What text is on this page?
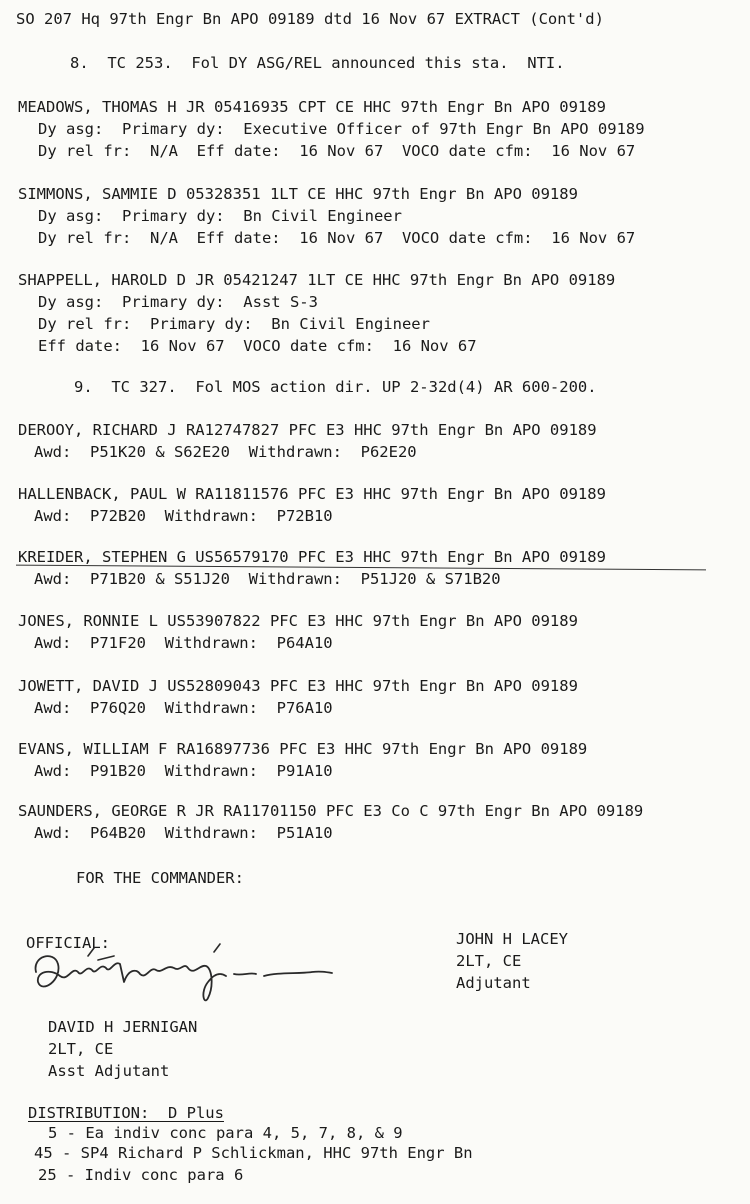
SO 207 Hq 97th Engr Bn APO 09189 dtd 16 Nov 67 EXTRACT (Cont'd)
8.  TC 253.  Fol DY ASG/REL announced this sta.  NTI.
MEADOWS, THOMAS H JR 05416935 CPT CE HHC 97th Engr Bn APO 09189
Dy asg:  Primary dy:  Executive Officer of 97th Engr Bn APO 09189
Dy rel fr:  N/A  Eff date:  16 Nov 67  VOCO date cfm:  16 Nov 67
SIMMONS, SAMMIE D 05328351 1LT CE HHC 97th Engr Bn APO 09189
Dy asg:  Primary dy:  Bn Civil Engineer
Dy rel fr:  N/A  Eff date:  16 Nov 67  VOCO date cfm:  16 Nov 67
SHAPPELL, HAROLD D JR 05421247 1LT CE HHC 97th Engr Bn APO 09189
Dy asg:  Primary dy:  Asst S-3
Dy rel fr:  Primary dy:  Bn Civil Engineer
Eff date:  16 Nov 67  VOCO date cfm:  16 Nov 67
9.  TC 327.  Fol MOS action dir. UP 2-32d(4) AR 600-200.
DEROOY, RICHARD J RA12747827 PFC E3 HHC 97th Engr Bn APO 09189
Awd:  P51K20 & S62E20  Withdrawn:  P62E20
HALLENBACK, PAUL W RA11811576 PFC E3 HHC 97th Engr Bn APO 09189
Awd:  P72B20  Withdrawn:  P72B10
KREIDER, STEPHEN G US56579170 PFC E3 HHC 97th Engr Bn APO 09189
Awd:  P71B20 & S51J20  Withdrawn:  P51J20 & S71B20
JONES, RONNIE L US53907822 PFC E3 HHC 97th Engr Bn APO 09189
Awd:  P71F20  Withdrawn:  P64A10
JOWETT, DAVID J US52809043 PFC E3 HHC 97th Engr Bn APO 09189
Awd:  P76Q20  Withdrawn:  P76A10
EVANS, WILLIAM F RA16897736 PFC E3 HHC 97th Engr Bn APO 09189
Awd:  P91B20  Withdrawn:  P91A10
SAUNDERS, GEORGE R JR RA11701150 PFC E3 Co C 97th Engr Bn APO 09189
Awd:  P64B20  Withdrawn:  P51A10
FOR THE COMMANDER:
JOHN H LACEY
2LT, CE
Adjutant
OFFICIAL:
DAVID H JERNIGAN
2LT, CE
Asst Adjutant
DISTRIBUTION:  D Plus
5 - Ea indiv conc para 4, 5, 7, 8, & 9
45 - SP4 Richard P Schlickman, HHC 97th Engr Bn
25 - Indiv conc para 6
